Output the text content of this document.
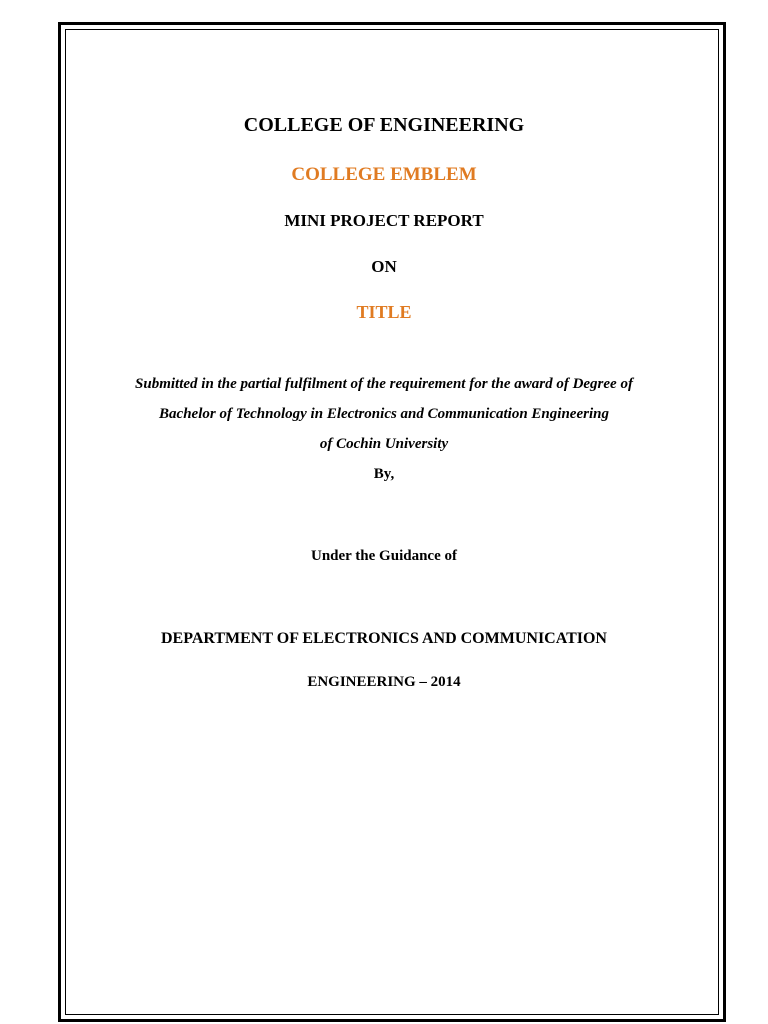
COLLEGE OF ENGINEERING
COLLEGE EMBLEM
MINI PROJECT REPORT
ON
TITLE
Submitted in the partial fulfilment of the requirement for the award of Degree of
Bachelor of Technology in Electronics and Communication Engineering
of Cochin University
By,
Under the Guidance of
DEPARTMENT OF ELECTRONICS AND COMMUNICATION
ENGINEERING – 2014
